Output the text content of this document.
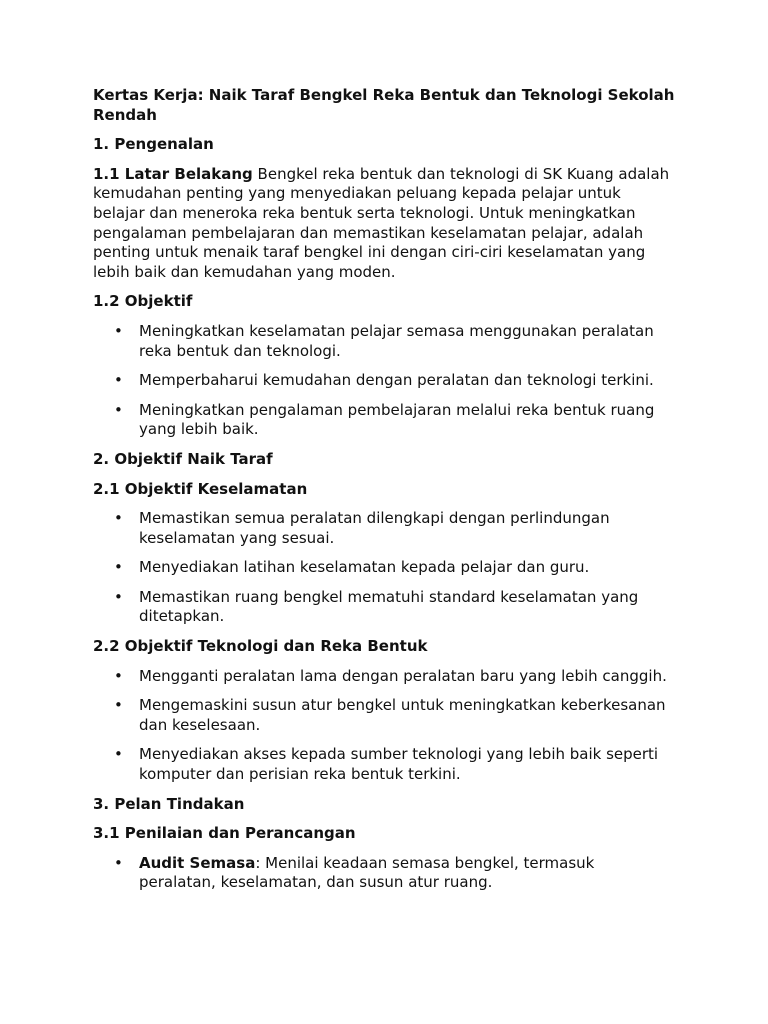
Kertas Kerja: Naik Taraf Bengkel Reka Bentuk dan Teknologi Sekolah Rendah
1. Pengenalan
1.1 Latar Belakang Bengkel reka bentuk dan teknologi di SK Kuang adalah kemudahan penting yang menyediakan peluang kepada pelajar untuk belajar dan meneroka reka bentuk serta teknologi. Untuk meningkatkan pengalaman pembelajaran dan memastikan keselamatan pelajar, adalah penting untuk menaik taraf bengkel ini dengan ciri-ciri keselamatan yang lebih baik dan kemudahan yang moden.
1.2 Objektif
• Meningkatkan keselamatan pelajar semasa menggunakan peralatan reka bentuk dan teknologi.
• Memperbaharui kemudahan dengan peralatan dan teknologi terkini.
• Meningkatkan pengalaman pembelajaran melalui reka bentuk ruang yang lebih baik.
2. Objektif Naik Taraf
2.1 Objektif Keselamatan
• Memastikan semua peralatan dilengkapi dengan perlindungan keselamatan yang sesuai.
• Menyediakan latihan keselamatan kepada pelajar dan guru.
• Memastikan ruang bengkel mematuhi standard keselamatan yang ditetapkan.
2.2 Objektif Teknologi dan Reka Bentuk
• Mengganti peralatan lama dengan peralatan baru yang lebih canggih.
• Mengemaskini susun atur bengkel untuk meningkatkan keberkesanan dan keselesaan.
• Menyediakan akses kepada sumber teknologi yang lebih baik seperti komputer dan perisian reka bentuk terkini.
3. Pelan Tindakan
3.1 Penilaian dan Perancangan
• Audit Semasa: Menilai keadaan semasa bengkel, termasuk peralatan, keselamatan, dan susun atur ruang.
